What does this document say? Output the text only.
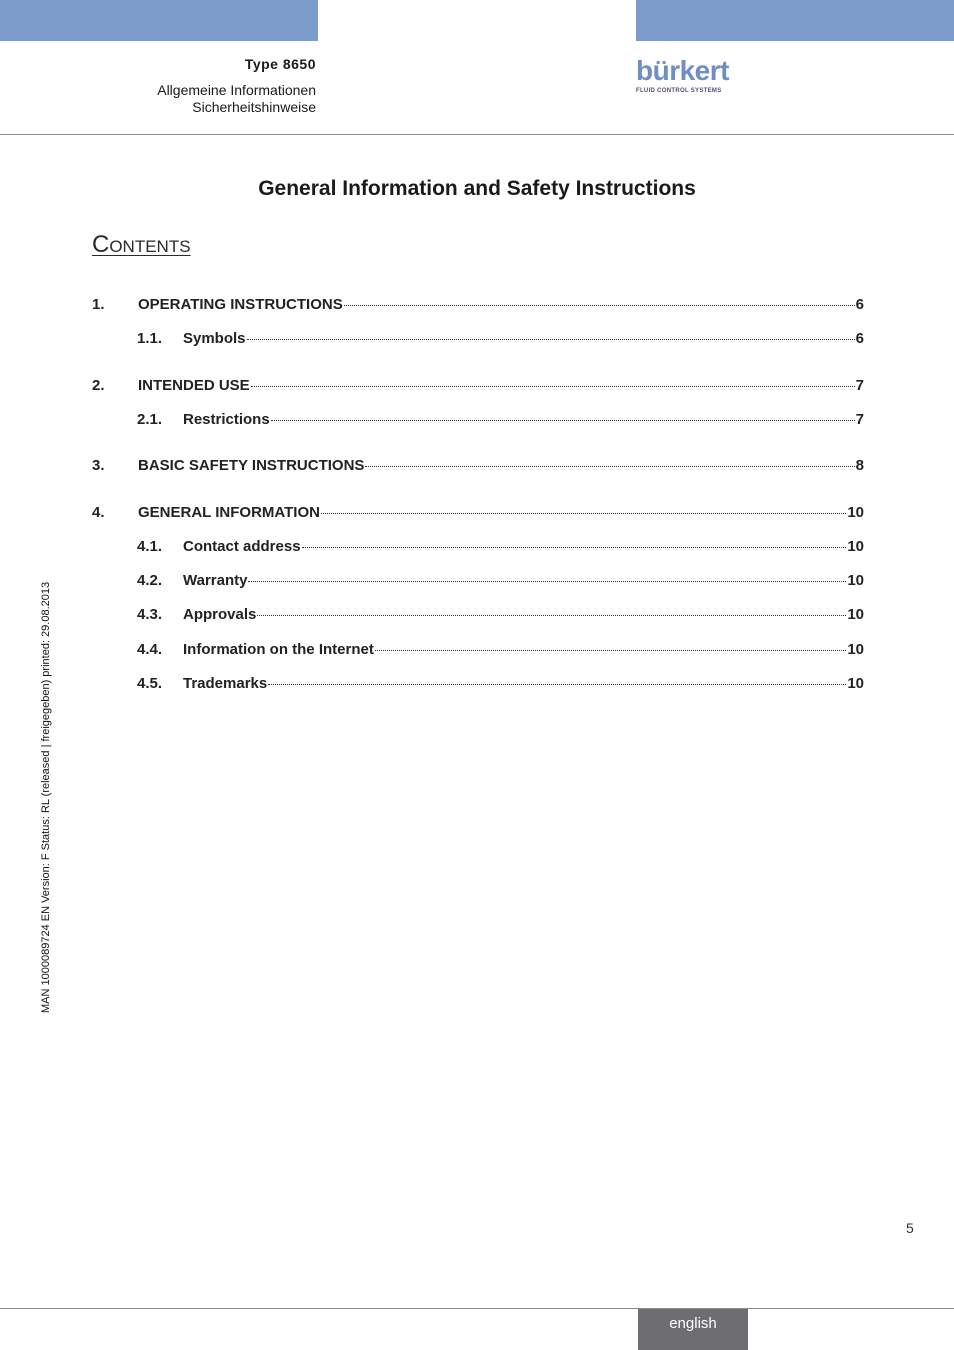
Type 8650
Allgemeine Informationen
Sicherheitshinweise
bürkert
FLUID CONTROL SYSTEMS
General Information and Safety Instructions
Contents
1. OPERATING INSTRUCTIONS	6
1.1. Symbols	6
2. INTENDED USE	7
2.1. Restrictions	7
3. BASIC SAFETY INSTRUCTIONS	8
4. GENERAL INFORMATION	10
4.1. Contact address	10
4.2. Warranty	10
4.3. Approvals	10
4.4. Information on the Internet	10
4.5. Trademarks	10
MAN 1000089724 EN Version: F Status: RL (released | freigegeben) printed: 29.08.2013
5
english
